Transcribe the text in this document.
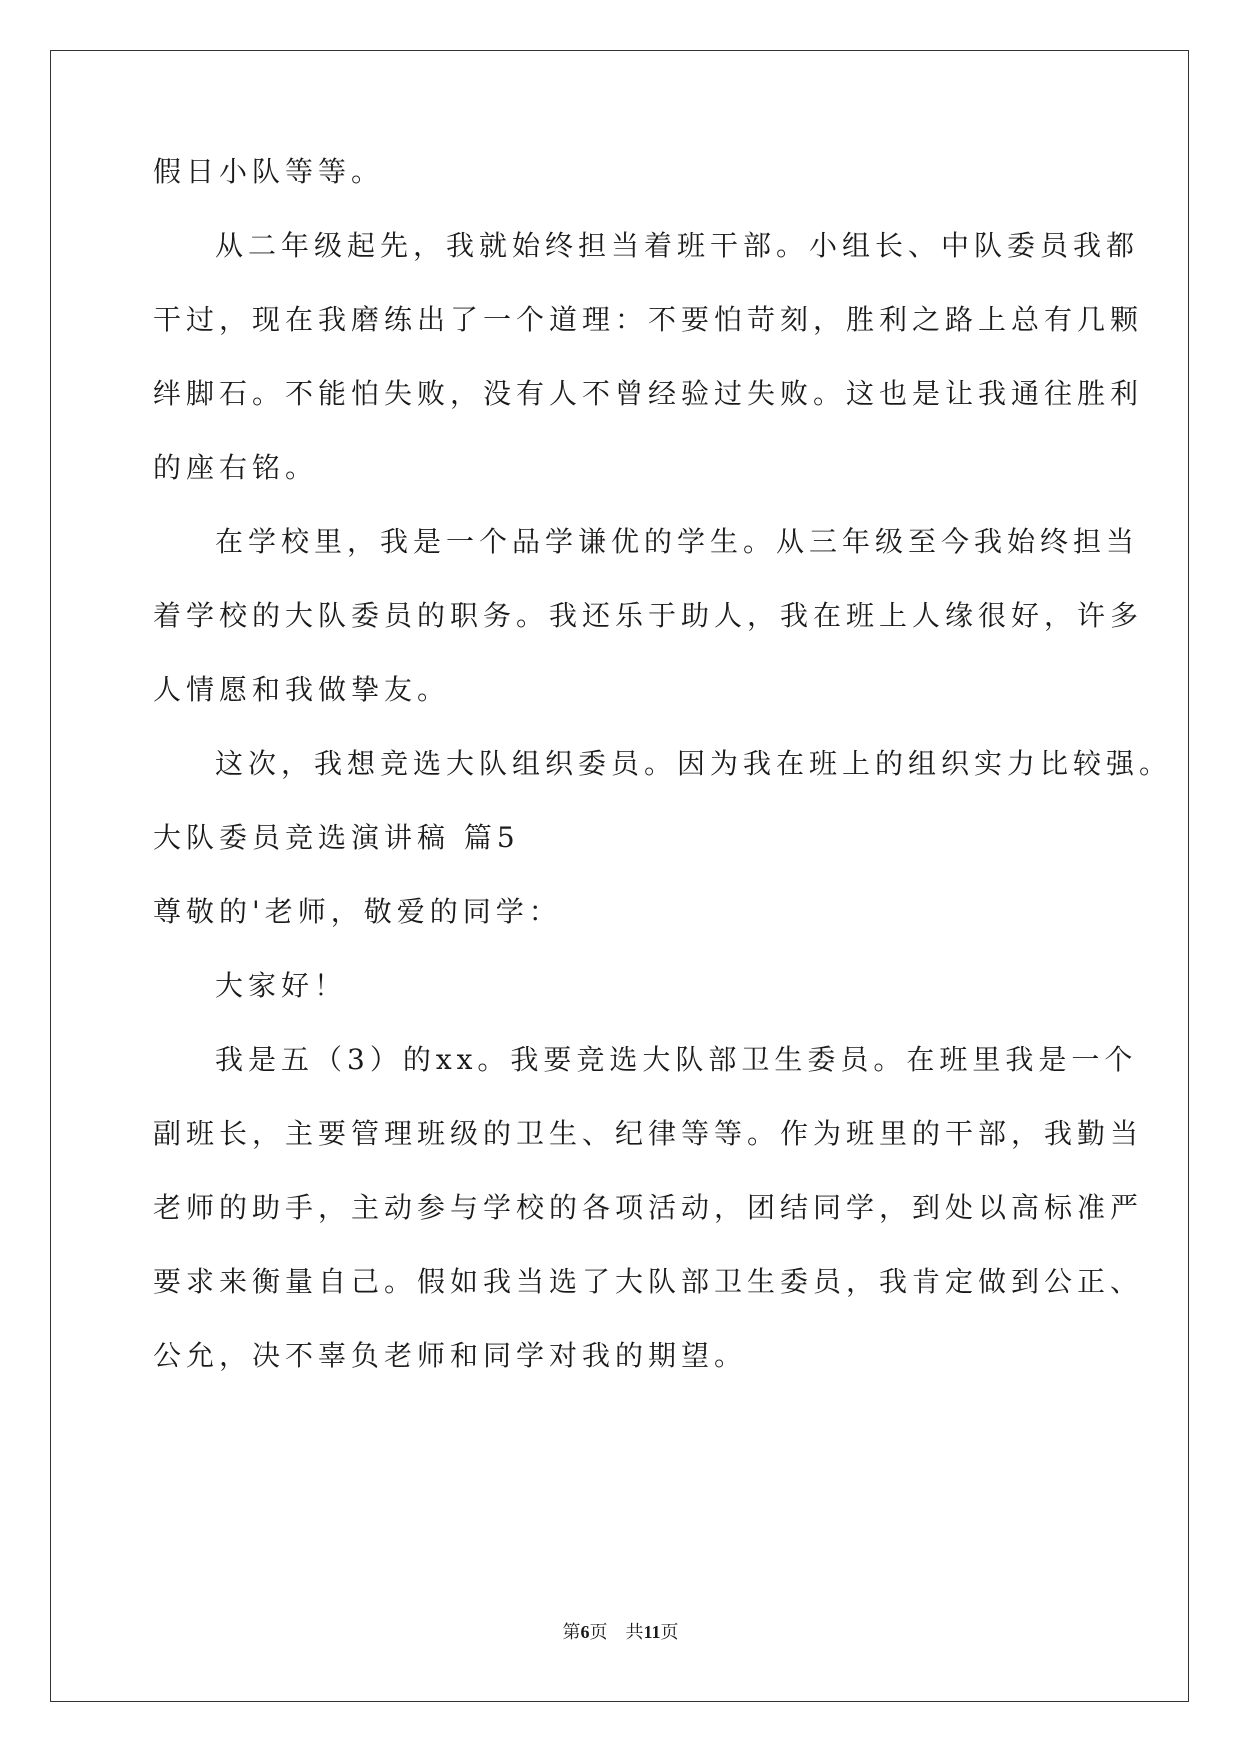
假日小队等等。
从二年级起先，我就始终担当着班干部。小组长、中队委员我都
干过，现在我磨练出了一个道理：不要怕苛刻，胜利之路上总有几颗
绊脚石。不能怕失败，没有人不曾经验过失败。这也是让我通往胜利
的座右铭。
在学校里，我是一个品学谦优的学生。从三年级至今我始终担当
着学校的大队委员的职务。我还乐于助人，我在班上人缘很好，许多
人情愿和我做挚友。
这次，我想竞选大队组织委员。因为我在班上的组织实力比较强。
大队委员竞选演讲稿 篇5
尊敬的'老师，敬爱的同学：
大家好！
我是五（3）的xx。我要竞选大队部卫生委员。在班里我是一个
副班长，主要管理班级的卫生、纪律等等。作为班里的干部，我勤当
老师的助手，主动参与学校的各项活动，团结同学，到处以高标准严
要求来衡量自己。假如我当选了大队部卫生委员，我肯定做到公正、
公允，决不辜负老师和同学对我的期望。
第6页 共11页
